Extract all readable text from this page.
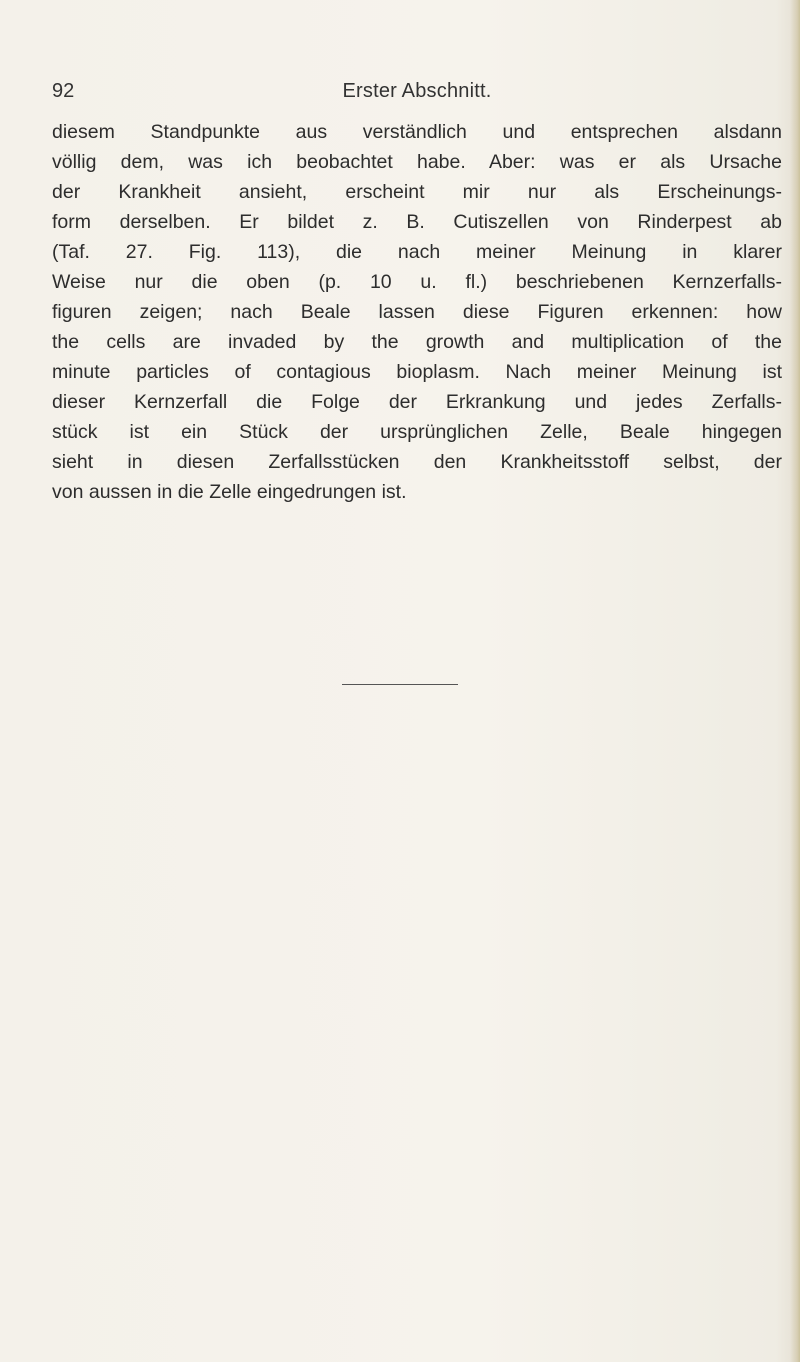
92	Erster Abschnitt.
diesem Standpunkte aus verständlich und entsprechen alsdann
völlig dem, was ich beobachtet habe. Aber: was er als Ursache
der Krankheit ansieht, erscheint mir nur als Erscheinungs-
form derselben. Er bildet z. B. Cutiszellen von Rinderpest ab
(Taf. 27. Fig. 113), die nach meiner Meinung in klarer
Weise nur die oben (p. 10 u. fl.) beschriebenen Kernzerfalls-
figuren zeigen; nach Beale lassen diese Figuren erkennen: how
the cells are invaded by the growth and multiplication of the
minute particles of contagious bioplasm. Nach meiner Meinung ist
dieser Kernzerfall die Folge der Erkrankung und jedes Zerfalls-
stück ist ein Stück der ursprünglichen Zelle, Beale hingegen
sieht in diesen Zerfallsstücken den Krankheitsstoff selbst, der
von aussen in die Zelle eingedrungen ist.
